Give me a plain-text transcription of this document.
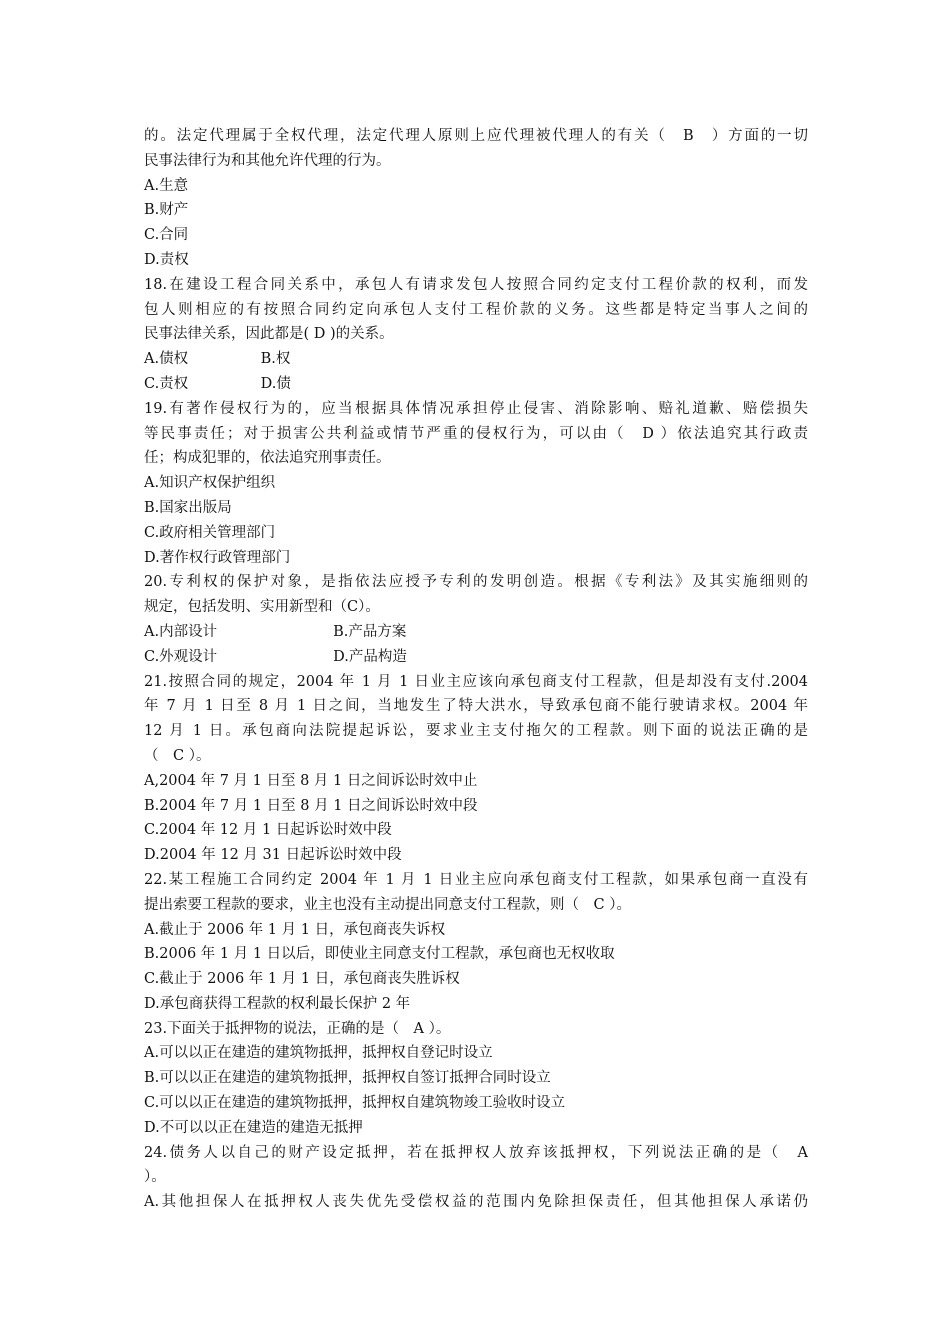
的。法定代理属于全权代理，法定代理人原则上应代理被代理人的有关（　B　）方面的一切
民事法律行为和其他允许代理的行为。
A.生意
B.财产
C.合同
D.责权
18.在建设工程合同关系中，承包人有请求发包人按照合同约定支付工程价款的权利，而发
包人则相应的有按照合同约定向承包人支付工程价款的义务。这些都是特定当事人之间的
民事法律关系，因此都是( D )的关系。
A.债权　　　　　B.权
C.责权　　　　　D.债
19.有著作侵权行为的，应当根据具体情况承担停止侵害、消除影响、赔礼道歉、赔偿损失
等民事责任；对于损害公共利益或情节严重的侵权行为，可以由（　D ）依法追究其行政责
任；构成犯罪的，依法追究刑事责任。
A.知识产权保护组织
B.国家出版局
C.政府相关管理部门
D.著作权行政管理部门
20.专利权的保护对象，是指依法应授予专利的发明创造。根据《专利法》及其实施细则的
规定，包括发明、实用新型和（C）。
A.内部设计　　　　　　　　B.产品方案
C.外观设计　　　　　　　　D.产品构造
21.按照合同的规定，2004 年 1 月 1 日业主应该向承包商支付工程款，但是却没有支付.2004
年 7 月 1 日至 8 月 1 日之间，当地发生了特大洪水，导致承包商不能行驶请求权。2004 年
12 月 1 日。承包商向法院提起诉讼，要求业主支付拖欠的工程款。则下面的说法正确的是
（　C ）。
A,2004 年 7 月 1 日至 8 月 1 日之间诉讼时效中止
B.2004 年 7 月 1 日至 8 月 1 日之间诉讼时效中段
C.2004 年 12 月 1 日起诉讼时效中段
D.2004 年 12 月 31 日起诉讼时效中段
22.某工程施工合同约定 2004 年 1 月 1 日业主应向承包商支付工程款，如果承包商一直没有
提出索要工程款的要求，业主也没有主动提出同意支付工程款，则（　C ）。
A.截止于 2006 年 1 月 1 日，承包商丧失诉权
B.2006 年 1 月 1 日以后，即使业主同意支付工程款，承包商也无权收取
C.截止于 2006 年 1 月 1 日，承包商丧失胜诉权
D.承包商获得工程款的权利最长保护 2 年
23.下面关于抵押物的说法，正确的是（　A ）。
A.可以以正在建造的建筑物抵押，抵押权自登记时设立
B.可以以正在建造的建筑物抵押，抵押权自签订抵押合同时设立
C.可以以正在建造的建筑物抵押，抵押权自建筑物竣工验收时设立
D.不可以以正在建造的建造无抵押
24.债务人以自己的财产设定抵押，若在抵押权人放弃该抵押权，下列说法正确的是（　A
）。
A.其他担保人在抵押权人丧失优先受偿权益的范围内免除担保责任，但其他担保人承诺仍
